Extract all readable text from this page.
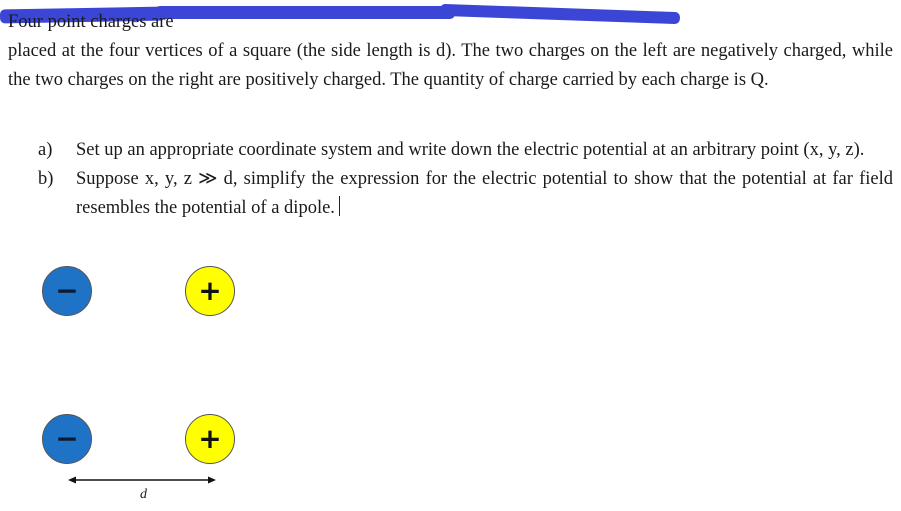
Four point charges are
placed at the four vertices of a square (the side length is d). The two charges on the left are negatively charged, while the two charges on the right are positively charged. The quantity of charge carried by each charge is Q.

a)	Set up an appropriate coordinate system and write down the electric potential at an arbitrary point (x, y, z).
b)	Suppose x, y, z ≫ d, simplify the expression for the electric potential to show that the potential at far field resembles the potential of a dipole.
−	+
−	+
d
